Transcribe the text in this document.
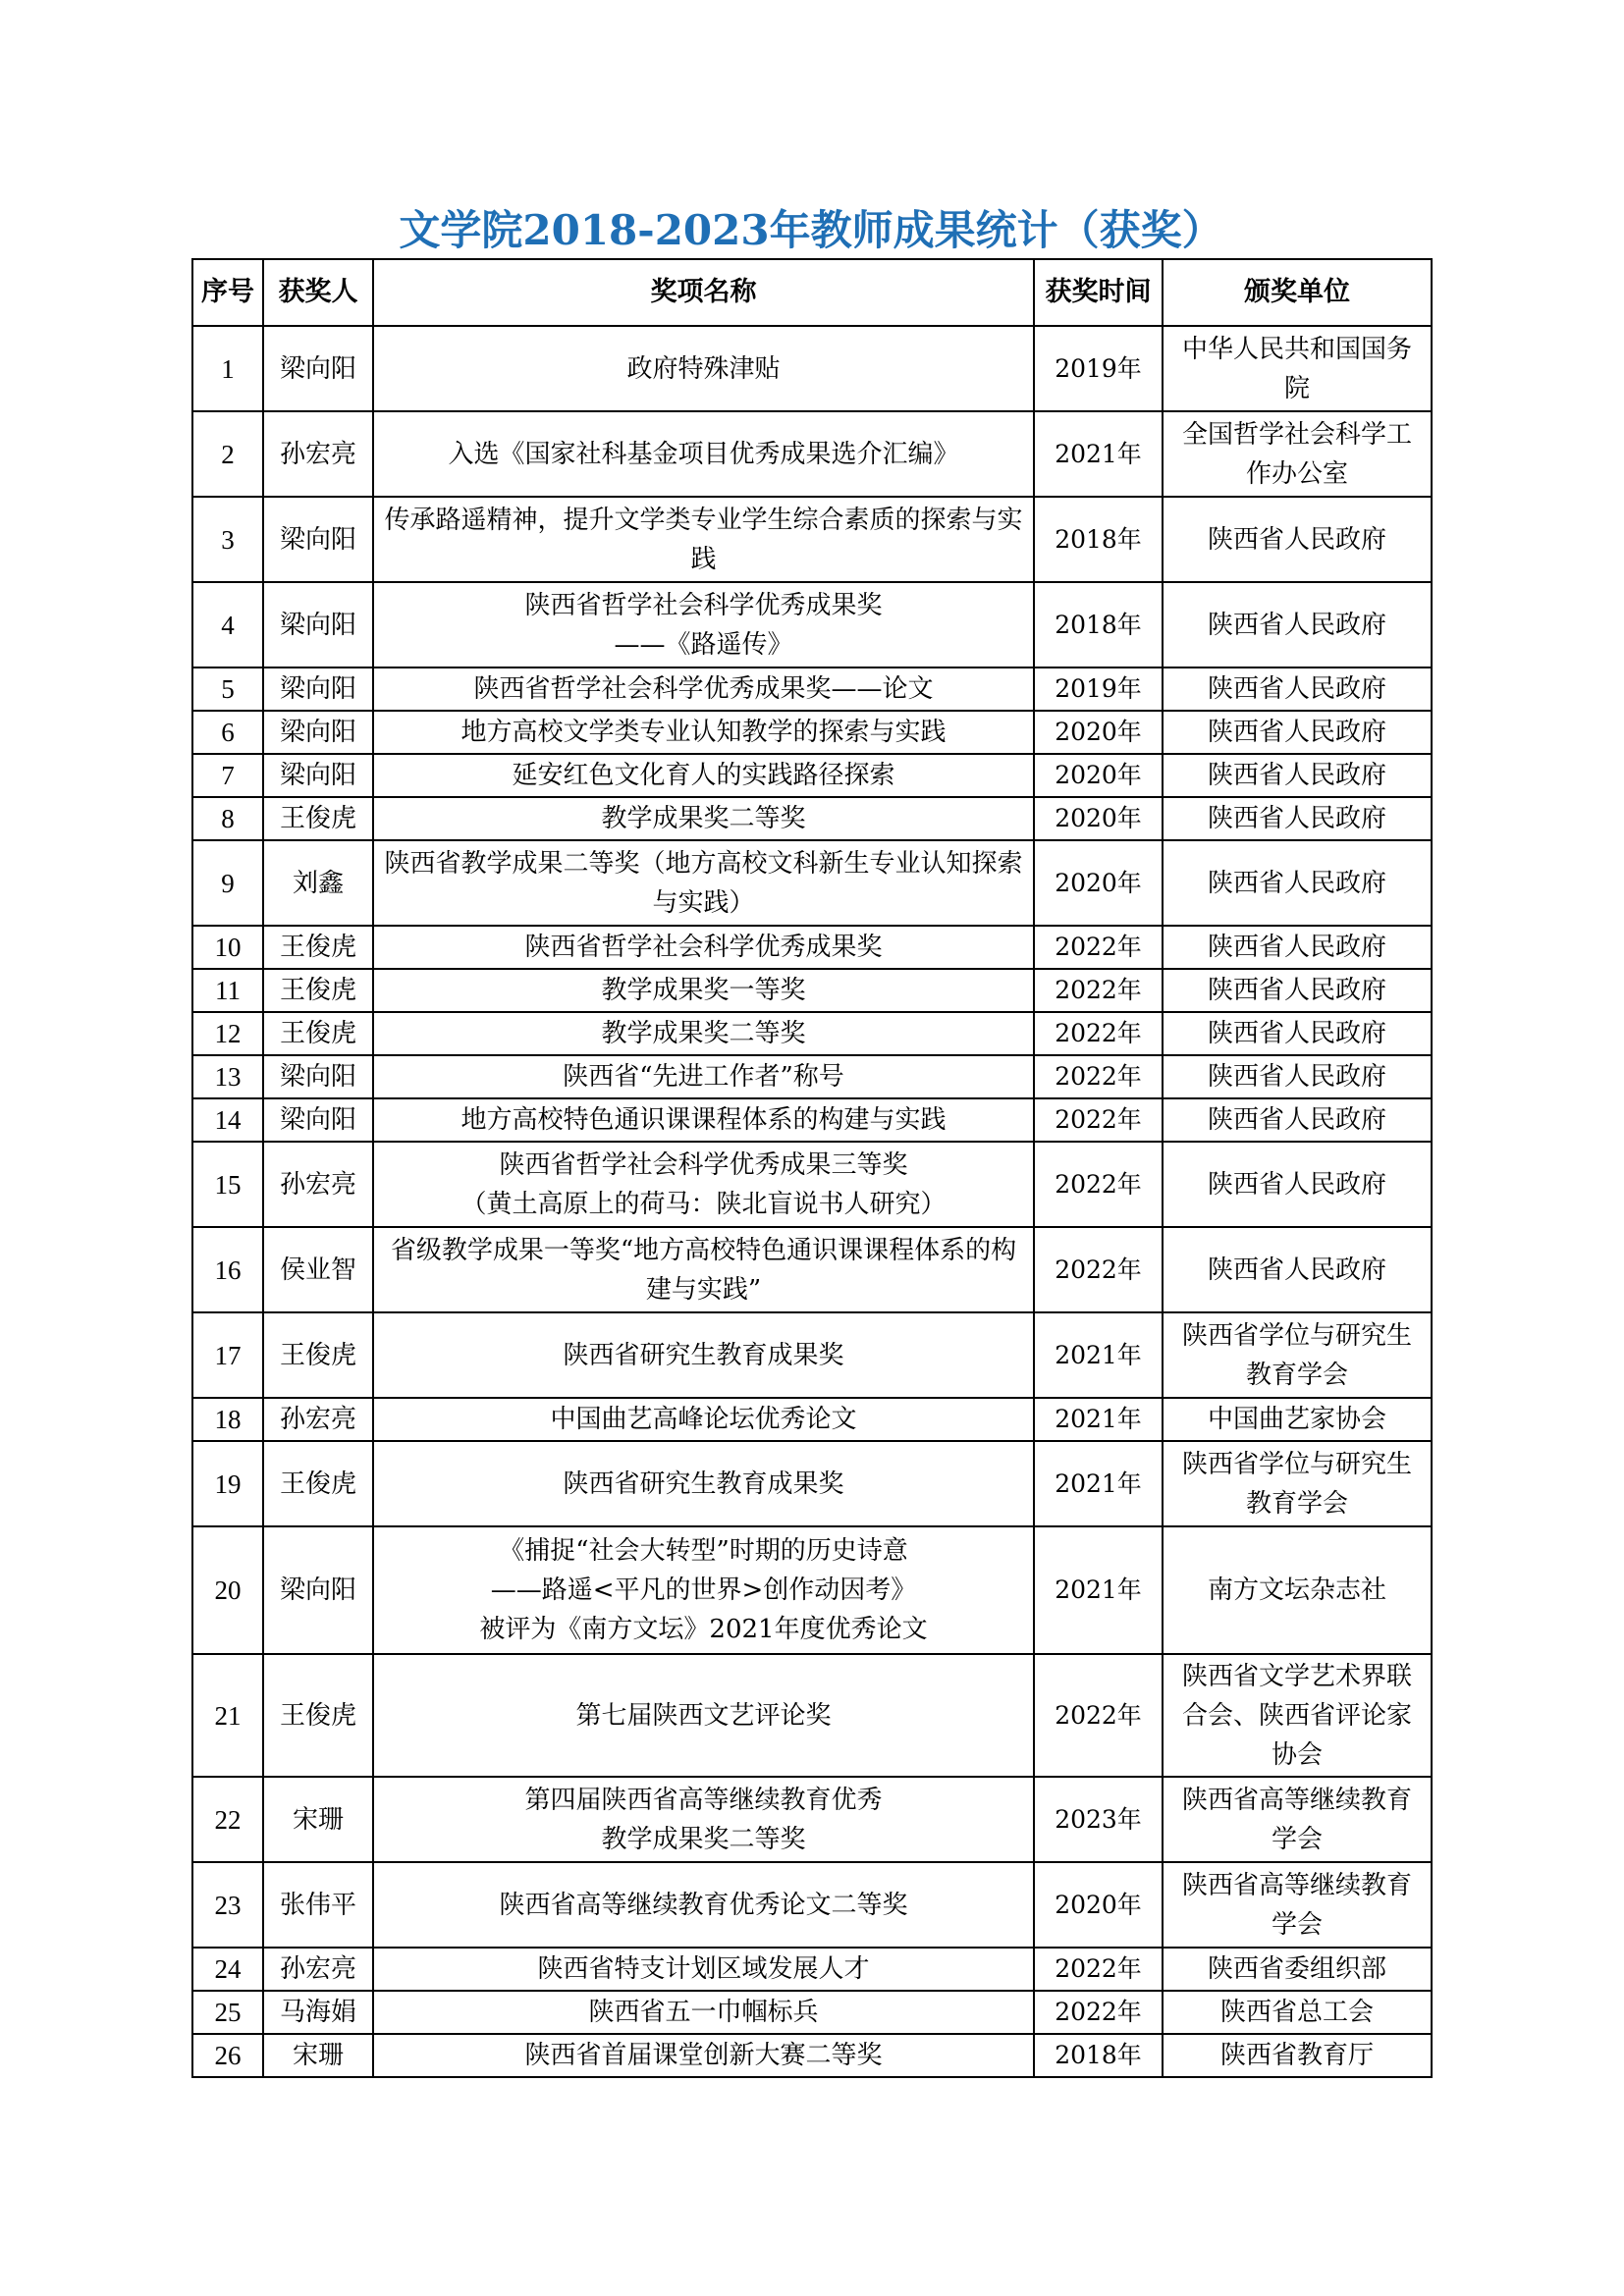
文学院2018-2023年教师成果统计（获奖）
序号	获奖人	奖项名称	获奖时间	颁奖单位
1	梁向阳	政府特殊津贴	2019年	中华人民共和国国务院
2	孙宏亮	入选《国家社科基金项目优秀成果选介汇编》	2021年	全国哲学社会科学工作办公室
3	梁向阳	传承路遥精神，提升文学类专业学生综合素质的探索与实践	2018年	陕西省人民政府
4	梁向阳	陕西省哲学社会科学优秀成果奖
——《路遥传》	2018年	陕西省人民政府
5	梁向阳	陕西省哲学社会科学优秀成果奖——论文	2019年	陕西省人民政府
6	梁向阳	地方高校文学类专业认知教学的探索与实践	2020年	陕西省人民政府
7	梁向阳	延安红色文化育人的实践路径探索	2020年	陕西省人民政府
8	王俊虎	教学成果奖二等奖	2020年	陕西省人民政府
9	刘鑫	陕西省教学成果二等奖（地方高校文科新生专业认知探索与实践）	2020年	陕西省人民政府
10	王俊虎	陕西省哲学社会科学优秀成果奖	2022年	陕西省人民政府
11	王俊虎	教学成果奖一等奖	2022年	陕西省人民政府
12	王俊虎	教学成果奖二等奖	2022年	陕西省人民政府
13	梁向阳	陕西省“先进工作者”称号	2022年	陕西省人民政府
14	梁向阳	地方高校特色通识课课程体系的构建与实践	2022年	陕西省人民政府
15	孙宏亮	陕西省哲学社会科学优秀成果三等奖
（黄土高原上的荷马：陕北盲说书人研究）	2022年	陕西省人民政府
16	侯业智	省级教学成果一等奖“地方高校特色通识课课程体系的构建与实践”	2022年	陕西省人民政府
17	王俊虎	陕西省研究生教育成果奖	2021年	陕西省学位与研究生教育学会
18	孙宏亮	中国曲艺高峰论坛优秀论文	2021年	中国曲艺家协会
19	王俊虎	陕西省研究生教育成果奖	2021年	陕西省学位与研究生教育学会
20	梁向阳	《捕捉“社会大转型”时期的历史诗意
——路遥<平凡的世界>创作动因考》
被评为《南方文坛》2021年度优秀论文	2021年	南方文坛杂志社
21	王俊虎	第七届陕西文艺评论奖	2022年	陕西省文学艺术界联合会、陕西省评论家协会
22	宋珊	第四届陕西省高等继续教育优秀
教学成果奖二等奖	2023年	陕西省高等继续教育学会
23	张伟平	陕西省高等继续教育优秀论文二等奖	2020年	陕西省高等继续教育学会
24	孙宏亮	陕西省特支计划区域发展人才	2022年	陕西省委组织部
25	马海娟	陕西省五一巾帼标兵	2022年	陕西省总工会
26	宋珊	陕西省首届课堂创新大赛二等奖	2018年	陕西省教育厅
